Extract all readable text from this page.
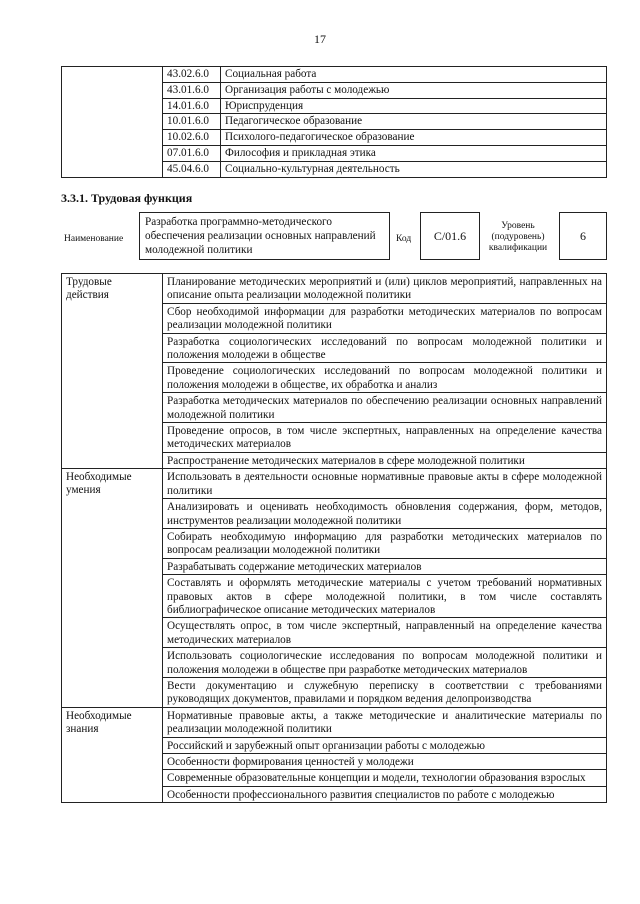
17
	43.02.6.0	Социальная работа
	43.01.6.0	Организация работы с молодежью
	14.01.6.0	Юриспруденция
	10.01.6.0	Педагогическое образование
	10.02.6.0	Психолого-педагогическое образование
	07.01.6.0	Философия и прикладная этика
	45.04.6.0	Социально-культурная деятельность
3.3.1. Трудовая функция
Наименование
Разработка программно-методического обеспечения реализации основных направлений молодежной политики
Код	С/01.6
Уровень
(подуровень)
квалификации
6
Трудовые
действия	Планирование методических мероприятий и (или) циклов мероприятий, направленных на описание опыта реализации молодежной политики
	Сбор необходимой информации для разработки методических материалов по вопросам реализации молодежной политики
	Разработка социологических исследований по вопросам молодежной политики и положения молодежи в обществе
	Проведение социологических исследований по вопросам молодежной политики и положения молодежи в обществе, их обработка и анализ
	Разработка методических материалов по обеспечению реализации основных направлений молодежной политики
	Проведение опросов, в том числе экспертных, направленных на определение качества методических материалов
	Распространение методических материалов в сфере молодежной политики

Необходимые
умения	Использовать в деятельности основные нормативные правовые акты в сфере молодежной политики
	Анализировать и оценивать необходимость обновления содержания, форм, методов, инструментов реализации молодежной политики
	Собирать необходимую информацию для разработки методических материалов по вопросам реализации молодежной политики
	Разрабатывать содержание методических материалов
	Составлять и оформлять методические материалы с учетом требований нормативных правовых актов в сфере молодежной политики, в том числе составлять библиографическое описание методических материалов
	Осуществлять опрос, в том числе экспертный, направленный на определение качества методических материалов
	Использовать социологические исследования по вопросам молодежной политики и положения молодежи в обществе при разработке методических материалов
	Вести документацию и служебную переписку в соответствии с требованиями руководящих документов, правилами и порядком ведения делопроизводства

Необходимые
знания	Нормативные правовые акты, а также методические и аналитические материалы по реализации молодежной политики
	Российский и зарубежный опыт организации работы с молодежью
	Особенности формирования ценностей у молодежи
	Современные образовательные концепции и модели, технологии образования взрослых
	Особенности профессионального развития специалистов по работе с молодежью
